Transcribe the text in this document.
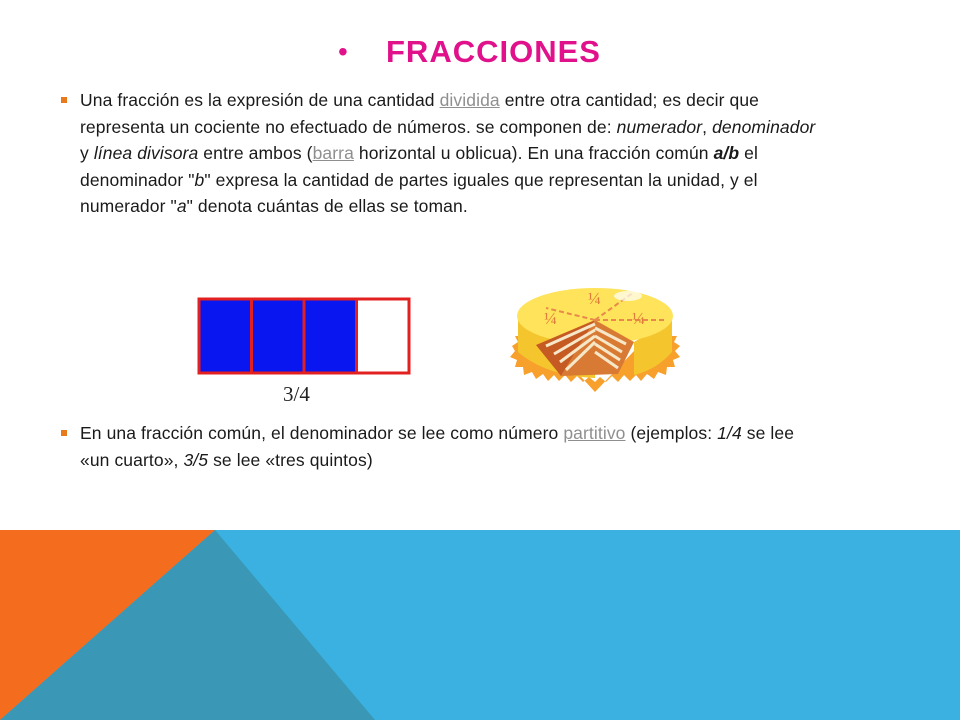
• FRACCIONES
Una fracción es la expresión de una cantidad dividida entre otra cantidad; es decir que representa un cociente no efectuado de números. se componen de: numerador, denominador y línea divisora entre ambos (barra horizontal u oblicua). En una fracción común a/b el denominador "b" expresa la cantidad de partes iguales que representan la unidad, y el numerador "a" denota cuántas de ellas se toman.
3/4
¼
¼	¼
En una fracción común, el denominador se lee como número partitivo (ejemplos: 1/4 se lee «un cuarto», 3/5 se lee «tres quintos)
